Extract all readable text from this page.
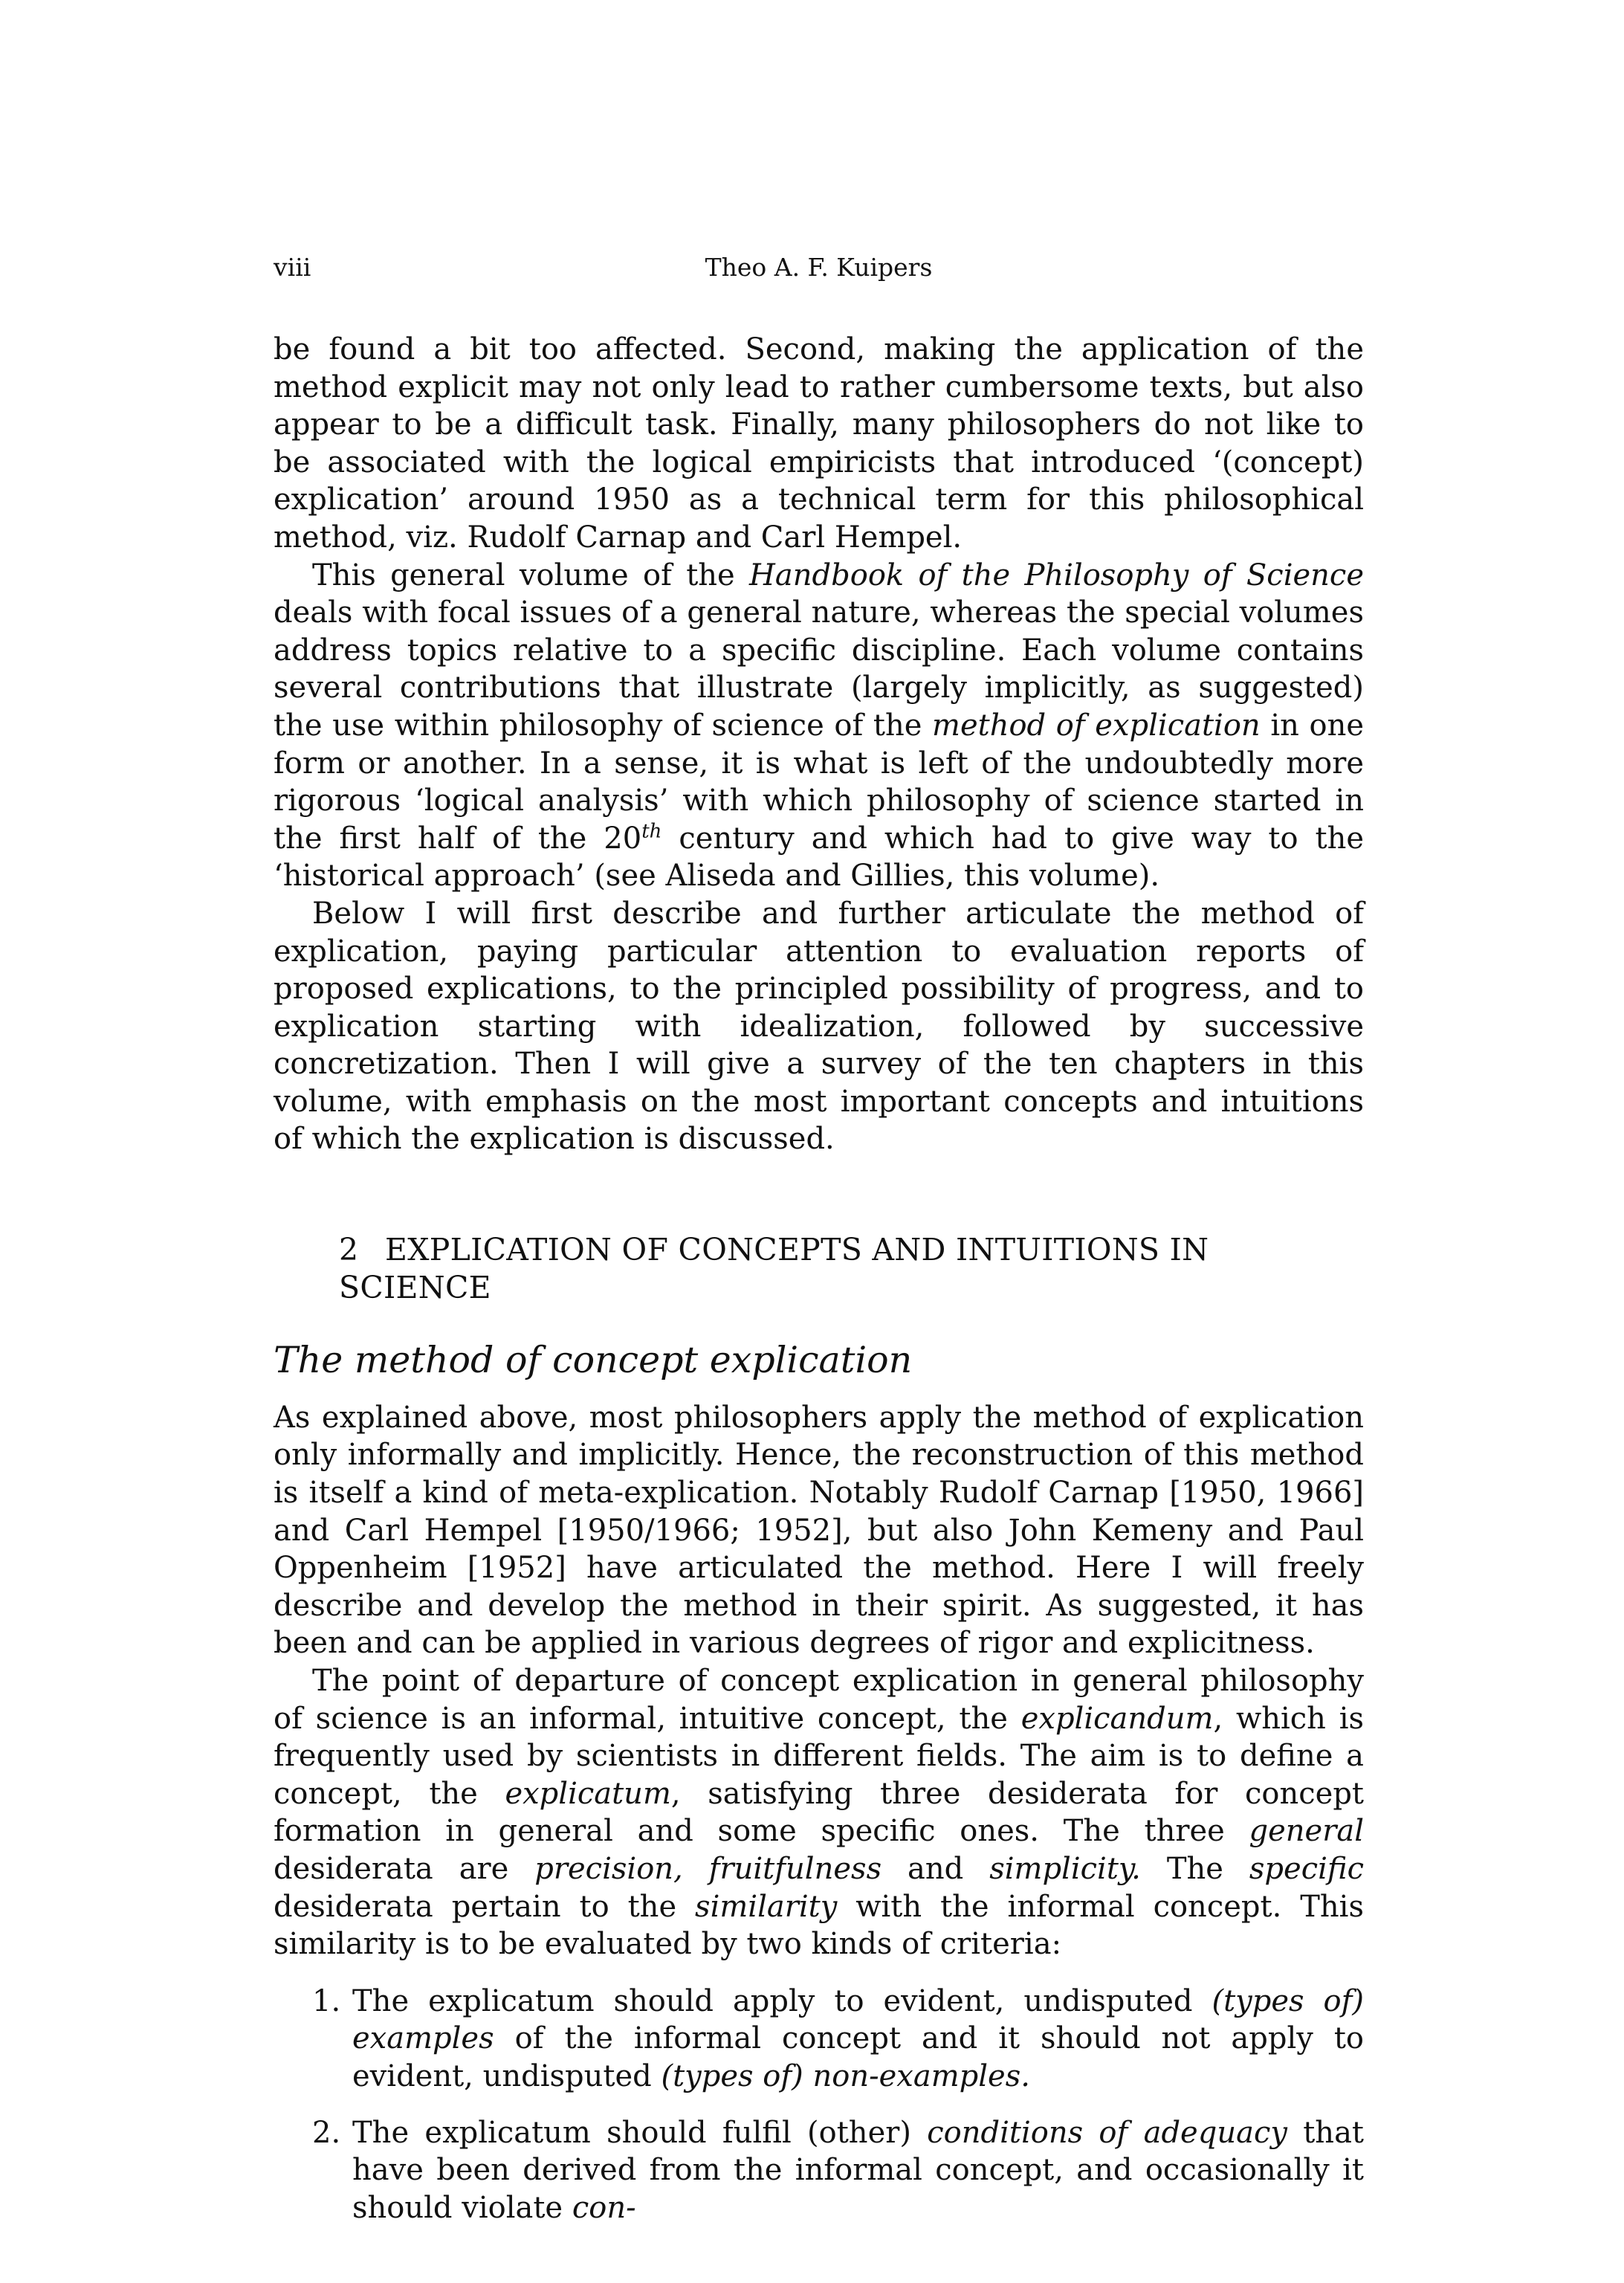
viii	Theo A. F. Kuipers

be found a bit too affected. Second, making the application of the method explicit may not only lead to rather cumbersome texts, but also appear to be a difficult task. Finally, many philosophers do not like to be associated with the logical empiricists that introduced ‘(concept) explication’ around 1950 as a technical term for this philosophical method, viz. Rudolf Carnap and Carl Hempel.

This general volume of the Handbook of the Philosophy of Science deals with focal issues of a general nature, whereas the special volumes address topics relative to a specific discipline. Each volume contains several contributions that illustrate (largely implicitly, as suggested) the use within philosophy of science of the method of explication in one form or another. In a sense, it is what is left of the undoubtedly more rigorous ‘logical analysis’ with which philosophy of science started in the first half of the 20th century and which had to give way to the ‘historical approach’ (see Aliseda and Gillies, this volume).

Below I will first describe and further articulate the method of explication, paying particular attention to evaluation reports of proposed explications, to the principled possibility of progress, and to explication starting with idealization, followed by successive concretization. Then I will give a survey of the ten chapters in this volume, with emphasis on the most important concepts and intuitions of which the explication is discussed.

2 EXPLICATION OF CONCEPTS AND INTUITIONS IN SCIENCE
The method of concept explication

As explained above, most philosophers apply the method of explication only informally and implicitly. Hence, the reconstruction of this method is itself a kind of meta-explication. Notably Rudolf Carnap [1950, 1966] and Carl Hempel [1950/1966; 1952], but also John Kemeny and Paul Oppenheim [1952] have articulated the method. Here I will freely describe and develop the method in their spirit. As suggested, it has been and can be applied in various degrees of rigor and explicitness.

The point of departure of concept explication in general philosophy of science is an informal, intuitive concept, the explicandum, which is frequently used by scientists in different fields. The aim is to define a concept, the explicatum, satisfying three desiderata for concept formation in general and some specific ones. The three general desiderata are precision, fruitfulness and simplicity. The specific desiderata pertain to the similarity with the informal concept. This similarity is to be evaluated by two kinds of criteria:

1. The explicatum should apply to evident, undisputed (types of) examples of the informal concept and it should not apply to evident, undisputed (types of) non-examples.
2. The explicatum should fulfil (other) conditions of adequacy that have been derived from the informal concept, and occasionally it should violate con-
